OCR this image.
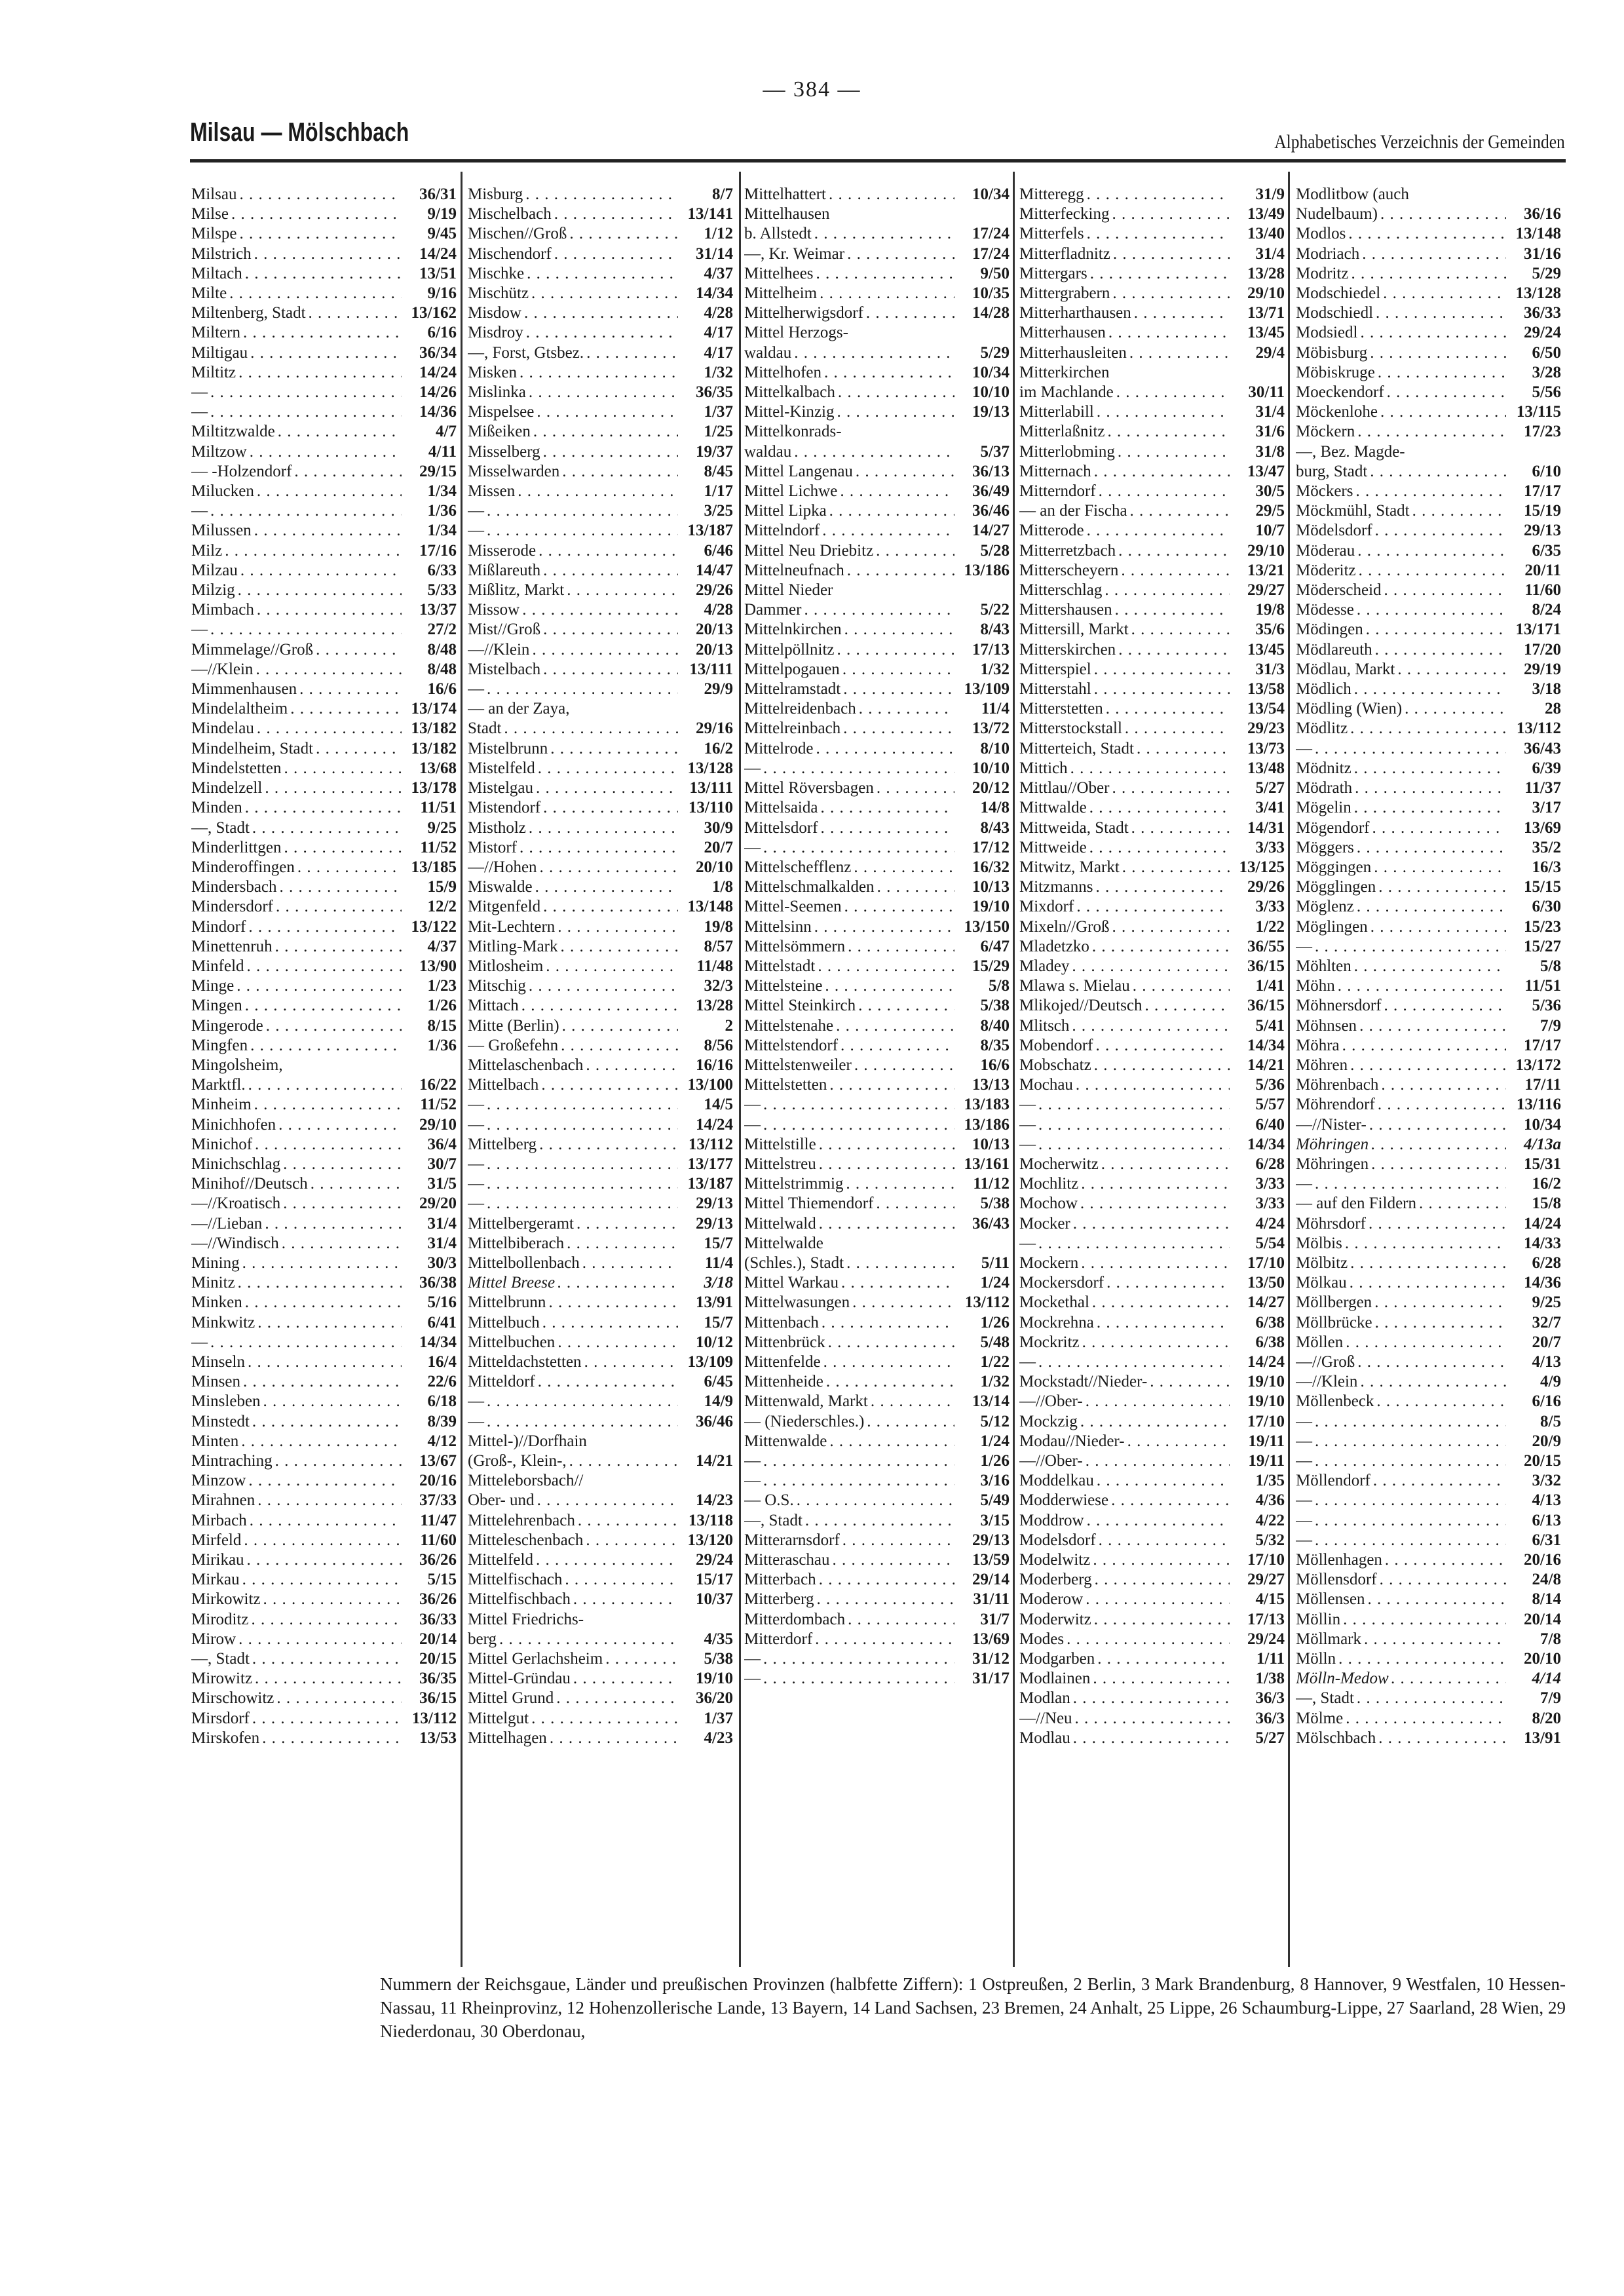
— 384 —
Milsau — Mölschbach	Alphabetisches Verzeichnis der Gemeinden
Milsau . . .	36/31
Milse . . .	9/19
Milspe . . .	9/45
Milstrich . . .	14/24
Miltach . . .	13/51
Milte . . .	9/16
Miltenberg, Stadt . . .	13/162
Miltern . . .	6/16
Miltigau . . .	36/34
Miltitz . . .	14/24
— . . .	14/26
— . . .	14/36
Miltitzwalde . . .	4/7
Miltzow . . .	4/11
— -Holzendorf . . .	29/15
Milucken . . .	1/34
— . . .	1/36
Milussen . . .	1/34
Milz . . .	17/16
Milzau . . .	6/33
Milzig . . .	5/33
Mimbach . . .	13/37
— . . .	27/2
Mimmelage//Groß . . .	8/48
—//Klein . . .	8/48
Mimmenhausen . . .	16/6
Mindelaltheim . . .	13/174
Mindelau . . .	13/182
Mindelheim, Stadt . . .	13/182
Mindelstetten . . .	13/68
Mindelzell . . .	13/178
Minden . . .	11/51
—, Stadt . . .	9/25
Minderlittgen . . .	11/52
Minderoffingen . . .	13/185
Mindersbach . . .	15/9
Mindersdorf . . .	12/2
Mindorf . . .	13/122
Minettenruh . . .	4/37
Minfeld . . .	13/90
Minge . . .	1/23
Mingen . . .	1/26
Mingerode . . .	8/15
Mingfen . . .	1/36
Mingolsheim,
Marktfl. . . .	16/22
Minheim . . .	11/52
Minichhofen . . .	29/10
Minichof . . .	36/4
Minichschlag . . .	30/7
Minihof//Deutsch . . .	31/5
—//Kroatisch . . .	29/20
—//Lieban . . .	31/4
—//Windisch . . .	31/4
Mining . . .	30/3
Minitz . . .	36/38
Minken . . .	5/16
Minkwitz . . .	6/41
— . . .	14/34
Minseln . . .	16/4
Minsen . . .	22/6
Minsleben . . .	6/18
Minstedt . . .	8/39
Minten . . .	4/12
Mintraching . . .	13/67
Minzow . . .	20/16
Mirahnen . . .	37/33
Mirbach . . .	11/47
Mirfeld . . .	11/60
Mirikau . . .	36/26
Mirkau . . .	5/15
Mirkowitz . . .	36/26
Miroditz . . .	36/33
Mirow . . .	20/14
—, Stadt . . .	20/15
Mirowitz . . .	36/35
Mirschowitz . . .	36/15
Mirsdorf . . .	13/112
Mirskofen . . .	13/53
Misburg . . .	8/7
Mischelbach . . .	13/141
Mischen//Groß . . .	1/12
Mischendorf . . .	31/14
Mischke . . .	4/37
Mischütz . . .	14/34
Misdow . . .	4/28
Misdroy . . .	4/17
—, Forst, Gtsbez. . . .	4/17
Misken . . .	1/32
Mislinka . . .	36/35
Mispelsee . . .	1/37
Mißeiken . . .	1/25
Misselberg . . .	19/37
Misselwarden . . .	8/45
Missen . . .	1/17
— . . .	3/25
— . . .	13/187
Misserode . . .	6/46
Mißlareuth . . .	14/47
Mißlitz, Markt . . .	29/26
Missow . . .	4/28
Mist//Groß . . .	20/13
—//Klein . . .	20/13
Mistelbach . . .	13/111
— . . .	29/9
— an der Zaya,
Stadt . . .	29/16
Mistelbrunn . . .	16/2
Mistelfeld . . .	13/128
Mistelgau . . .	13/111
Mistendorf . . .	13/110
Mistholz . . .	30/9
Mistorf . . .	20/7
—//Hohen . . .	20/10
Miswalde . . .	1/8
Mitgenfeld . . .	13/148
Mit-Lechtern . . .	19/8
Mitling-Mark . . .	8/57
Mitlosheim . . .	11/48
Mitschig . . .	32/3
Mittach . . .	13/28
Mitte (Berlin) . . .	2
— Großefehn . . .	8/56
Mittelaschenbach . . .	16/16
Mittelbach . . .	13/100
— . . .	14/5
— . . .	14/24
Mittelberg . . .	13/112
— . . .	13/177
— . . .	13/187
— . . .	29/13
Mittelbergeramt . . .	29/13
Mittelbiberach . . .	15/7
Mittelbollenbach . . .	11/4
Mittel Breese . . .	3/18
Mittelbrunn . . .	13/91
Mittelbuch . . .	15/7
Mittelbuchen . . .	10/12
Mitteldachstetten . . .	13/109
Mitteldorf . . .	6/45
— . . .	14/9
— . . .	36/46
Mittel-)//Dorfhain
(Groß-, Klein-, . . .	14/21
Mitteleborsbach//
Ober- und . . .	14/23
Mittelehrenbach . . .	13/118
Mitteleschenbach . . .	13/120
Mittelfeld . . .	29/24
Mittelfischach . . .	15/17
Mittelfischbach . . .	10/37
Mittel Friedrichs-
berg . . .	4/35
Mittel Gerlachsheim . . .	5/38
Mittel-Gründau . . .	19/10
Mittel Grund . . .	36/20
Mittelgut . . .	1/37
Mittelhagen . . .	4/23
Mittelhattert . . .	10/34
Mittelhausen
b. Allstedt . . .	17/24
—, Kr. Weimar . . .	17/24
Mittelhees . . .	9/50
Mittelheim . . .	10/35
Mittelherwigsdorf . . .	14/28
Mittel Herzogs-
waldau . . .	5/29
Mittelhofen . . .	10/34
Mittelkalbach . . .	10/10
Mittel-Kinzig . . .	19/13
Mittelkonrads-
waldau . . .	5/37
Mittel Langenau . . .	36/13
Mittel Lichwe . . .	36/49
Mittel Lipka . . .	36/46
Mittelndorf . . .	14/27
Mittel Neu Driebitz . . .	5/28
Mittelneufnach . . .	13/186
Mittel Nieder
Dammer . . .	5/22
Mittelnkirchen . . .	8/43
Mittelpöllnitz . . .	17/13
Mittelpogauen . . .	1/32
Mittelramstadt . . .	13/109
Mittelreidenbach . . .	11/4
Mittelreinbach . . .	13/72
Mittelrode . . .	8/10
— . . .	10/10
Mittel Röversbagen . . .	20/12
Mittelsaida . . .	14/8
Mittelsdorf . . .	8/43
— . . .	17/12
Mittelschefflenz . . .	16/32
Mittelschmalkalden . . .	10/13
Mittel-Seemen . . .	19/10
Mittelsinn . . .	13/150
Mittelsömmern . . .	6/47
Mittelstadt . . .	15/29
Mittelsteine . . .	5/8
Mittel Steinkirch . . .	5/38
Mittelstenahe . . .	8/40
Mittelstendorf . . .	8/35
Mittelstenweiler . . .	16/6
Mittelstetten . . .	13/13
— . . .	13/183
— . . .	13/186
Mittelstille . . .	10/13
Mittelstreu . . .	13/161
Mittelstrimmig . . .	11/12
Mittel Thiemendorf . . .	5/38
Mittelwald . . .	36/43
Mittelwalde
(Schles.), Stadt . . .	5/11
Mittel Warkau . . .	1/24
Mittelwasungen . . .	13/112
Mittenbach . . .	1/26
Mittenbrück . . .	5/48
Mittenfelde . . .	1/22
Mittenheide . . .	1/32
Mittenwald, Markt . . .	13/14
— (Niederschles.) . . .	5/12
Mittenwalde . . .	1/24
— . . .	1/26
— . . .	3/16
— O.S. . . .	5/49
—, Stadt . . .	3/15
Mitterarnsdorf . . .	29/13
Mitteraschau . . .	13/59
Mitterbach . . .	29/14
Mitterberg . . .	31/11
Mitterdombach . . .	31/7
Mitterdorf . . .	13/69
— . . .	31/12
— . . .	31/17
Mitteregg . . .	31/9
Mitterfecking . . .	13/49
Mitterfels . . .	13/40
Mitterfladnitz . . .	31/4
Mittergars . . .	13/28
Mittergrabern . . .	29/10
Mitterharthausen . . .	13/71
Mitterhausen . . .	13/45
Mitterhausleiten . . .	29/4
Mitterkirchen
im Machlande . . .	30/11
Mitterlabill . . .	31/4
Mitterlaßnitz . . .	31/6
Mitterlobming . . .	31/8
Mitternach . . .	13/47
Mitterndorf . . .	30/5
— an der Fischa . . .	29/5
Mitterode . . .	10/7
Mitterretzbach . . .	29/10
Mitterscheyern . . .	13/21
Mitterschlag . . .	29/27
Mittershausen . . .	19/8
Mittersill, Markt . . .	35/6
Mitterskirchen . . .	13/45
Mitterspiel . . .	31/3
Mitterstahl . . .	13/58
Mitterstetten . . .	13/54
Mitterstockstall . . .	29/23
Mitterteich, Stadt . . .	13/73
Mittich . . .	13/48
Mittlau//Ober . . .	5/27
Mittwalde . . .	3/41
Mittweida, Stadt . . .	14/31
Mittweide . . .	3/33
Mitwitz, Markt . . .	13/125
Mitzmanns . . .	29/26
Mixdorf . . .	3/33
Mixeln//Groß . . .	1/22
Mladetzko . . .	36/55
Mladey . . .	36/15
Mlawa s. Mielau . . .	1/41
Mlikojed//Deutsch . . .	36/15
Mlitsch . . .	5/41
Mobendorf . . .	14/34
Mobschatz . . .	14/21
Mochau . . .	5/36
— . . .	5/57
— . . .	6/40
— . . .	14/34
Mocherwitz . . .	6/28
Mochlitz . . .	3/33
Mochow . . .	3/33
Mocker . . .	4/24
— . . .	5/54
Mockern . . .	17/10
Mockersdorf . . .	13/50
Mockethal . . .	14/27
Mockrehna . . .	6/38
Mockritz . . .	6/38
— . . .	14/24
Mockstadt//Nieder- . . .	19/10
—//Ober- . . .	19/10
Mockzig . . .	17/10
Modau//Nieder- . . .	19/11
—//Ober- . . .	19/11
Moddelkau . . .	1/35
Modderwiese . . .	4/36
Moddrow . . .	4/22
Modelsdorf . . .	5/32
Modelwitz . . .	17/10
Moderberg . . .	29/27
Moderow . . .	4/15
Moderwitz . . .	17/13
Modes . . .	29/24
Modgarben . . .	1/11
Modlainen . . .	1/38
Modlan . . .	36/3
—//Neu . . .	36/3
Modlau . . .	5/27
Modlitbow (auch
Nudelbaum) . . .	36/16
Modlos . . .	13/148
Modriach . . .	31/16
Modritz . . .	5/29
Modschiedel . . .	13/128
Modschiedl . . .	36/33
Modsiedl . . .	29/24
Möbisburg . . .	6/50
Möbiskruge . . .	3/28
Moeckendorf . . .	5/56
Möckenlohe . . .	13/115
Möckern . . .	17/23
—, Bez. Magde-
burg, Stadt . . .	6/10
Möckers . . .	17/17
Möckmühl, Stadt . . .	15/19
Mödelsdorf . . .	29/13
Möderau . . .	6/35
Möderitz . . .	20/11
Möderscheid . . .	11/60
Mödesse . . .	8/24
Mödingen . . .	13/171
Mödlareuth . . .	17/20
Mödlau, Markt . . .	29/19
Mödlich . . .	3/18
Mödling (Wien) . . .	28
Mödlitz . . .	13/112
— . . .	36/43
Mödnitz . . .	6/39
Mödrath . . .	11/37
Mögelin . . .	3/17
Mögendorf . . .	13/69
Möggers . . .	35/2
Möggingen . . .	16/3
Mögglingen . . .	15/15
Möglenz . . .	6/30
Möglingen . . .	15/23
— . . .	15/27
Möhlten . . .	5/8
Möhn . . .	11/51
Möhnersdorf . . .	5/36
Möhnsen . . .	7/9
Möhra . . .	17/17
Möhren . . .	13/172
Möhrenbach . . .	17/11
Möhrendorf . . .	13/116
—//Nister- . . .	10/34
Möhringen . . .	4/13a
Möhringen . . .	15/31
— . . .	16/2
— auf den Fildern . . .	15/8
Möhrsdorf . . .	14/24
Mölbis . . .	14/33
Mölbitz . . .	6/28
Mölkau . . .	14/36
Möllbergen . . .	9/25
Möllbrücke . . .	32/7
Möllen . . .	20/7
—//Groß . . .	4/13
—//Klein . . .	4/9
Möllenbeck . . .	6/16
— . . .	8/5
— . . .	20/9
— . . .	20/15
Möllendorf . . .	3/32
— . . .	4/13
— . . .	6/13
— . . .	6/31
Möllenhagen . . .	20/16
Möllensdorf . . .	24/8
Möllensen . . .	8/14
Möllin . . .	20/14
Möllmark . . .	7/8
Mölln . . .	20/10
Mölln-Medow . . .	4/14
—, Stadt . . .	7/9
Mölme . . .	8/20
Mölschbach . . .	13/91
Nummern der Reichsgaue, Länder und preußischen Provinzen (halbfette Ziffern): 1 Ostpreußen, 2 Berlin, 3 Mark Brandenburg, 8 Hannover, 9 Westfalen, 10 Hessen-Nassau, 11 Rheinprovinz, 12 Hohenzollerische Lande, 13 Bayern, 14 Land Sachsen, 23 Bremen, 24 Anhalt, 25 Lippe, 26 Schaumburg-Lippe, 27 Saarland, 28 Wien, 29 Niederdonau, 30 Oberdonau,
